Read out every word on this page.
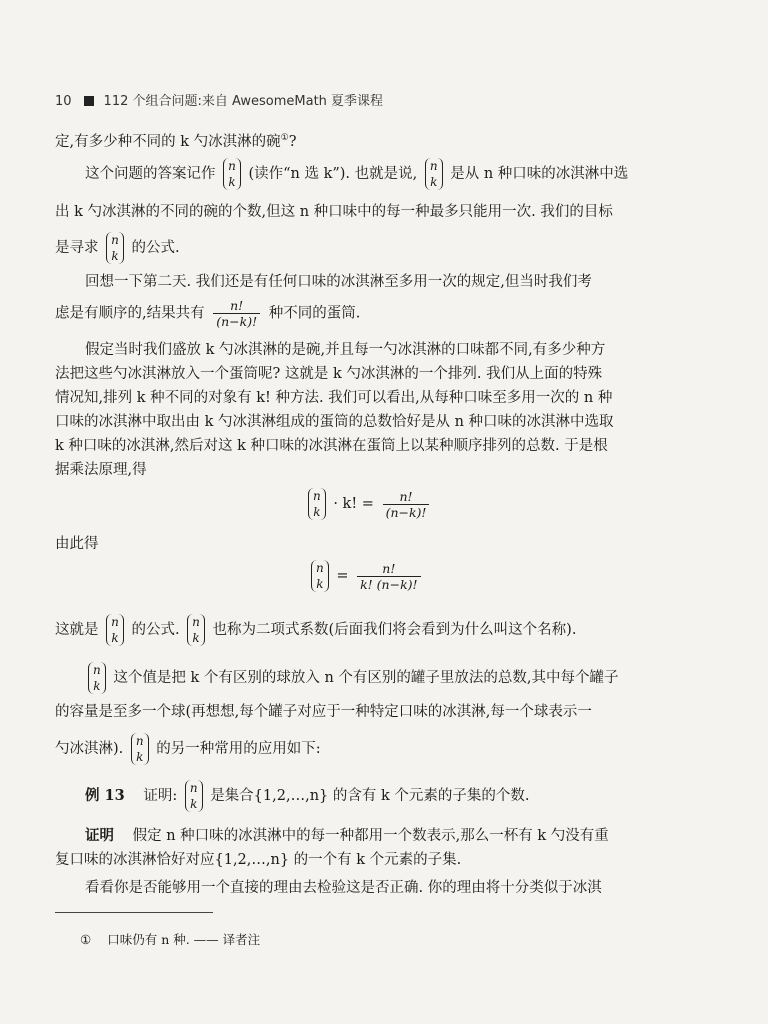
10 112 个组合问题:来自 AwesomeMath 夏季课程
定,有多少种不同的 k 勺冰淇淋的碗①?
这个问题的答案记作 n
k (读作“n 选 k”). 也就是说, n
k 是从 n 种口味的冰淇淋中选
出 k 勺冰淇淋的不同的碗的个数,但这 n 种口味中的每一种最多只能用一次. 我们的目标
是寻求 n
k 的公式.
回想一下第二天. 我们还是有任何口味的冰淇淋至多用一次的规定,但当时我们考
虑是有顺序的,结果共有 $\frac{n!}{(n-k)!}$ 种不同的蛋筒.
假定当时我们盛放 k 勺冰淇淋的是碗,并且每一勺冰淇淋的口味都不同,有多少种方
法把这些勺冰淇淋放入一个蛋筒呢? 这就是 k 勺冰淇淋的一个排列. 我们从上面的特殊
情况知,排列 k 种不同的对象有 k! 种方法. 我们可以看出,从每种口味至多用一次的 n 种
口味的冰淇淋中取出由 k 勺冰淇淋组成的蛋筒的总数恰好是从 n 种口味的冰淇淋中选取
k 种口味的冰淇淋,然后对这 k 种口味的冰淇淋在蛋筒上以某种顺序排列的总数. 于是根
据乘法原理,得
n
k · k! = $\frac{n!}{(n-k)!}$
由此得
n
$k = \frac{n!}{k! (n-k)!}$
这就是 n
k 的公式. n
k 也称为二项式系数(后面我们将会看到为什么叫这个名称).
n
k 这个值是把 k 个有区别的球放入 n 个有区别的罐子里放法的总数,其中每个罐子
的容量是至多一个球(再想想,每个罐子对应于一种特定口味的冰淇淋,每一个球表示一
勺冰淇淋). n
k 的另一种常用的应用如下:
例 13 证明: n
k 是集合{1,2,…,n} 的含有 k 个元素的子集的个数.
证明 假定 n 种口味的冰淇淋中的每一种都用一个数表示,那么一杯有 k 勺没有重
复口味的冰淇淋恰好对应{1,2,…,n} 的一个有 k 个元素的子集.
看看你是否能够用一个直接的理由去检验这是否正确. 你的理由将十分类似于冰淇
① 口味仍有 n 种. —— 译者注
